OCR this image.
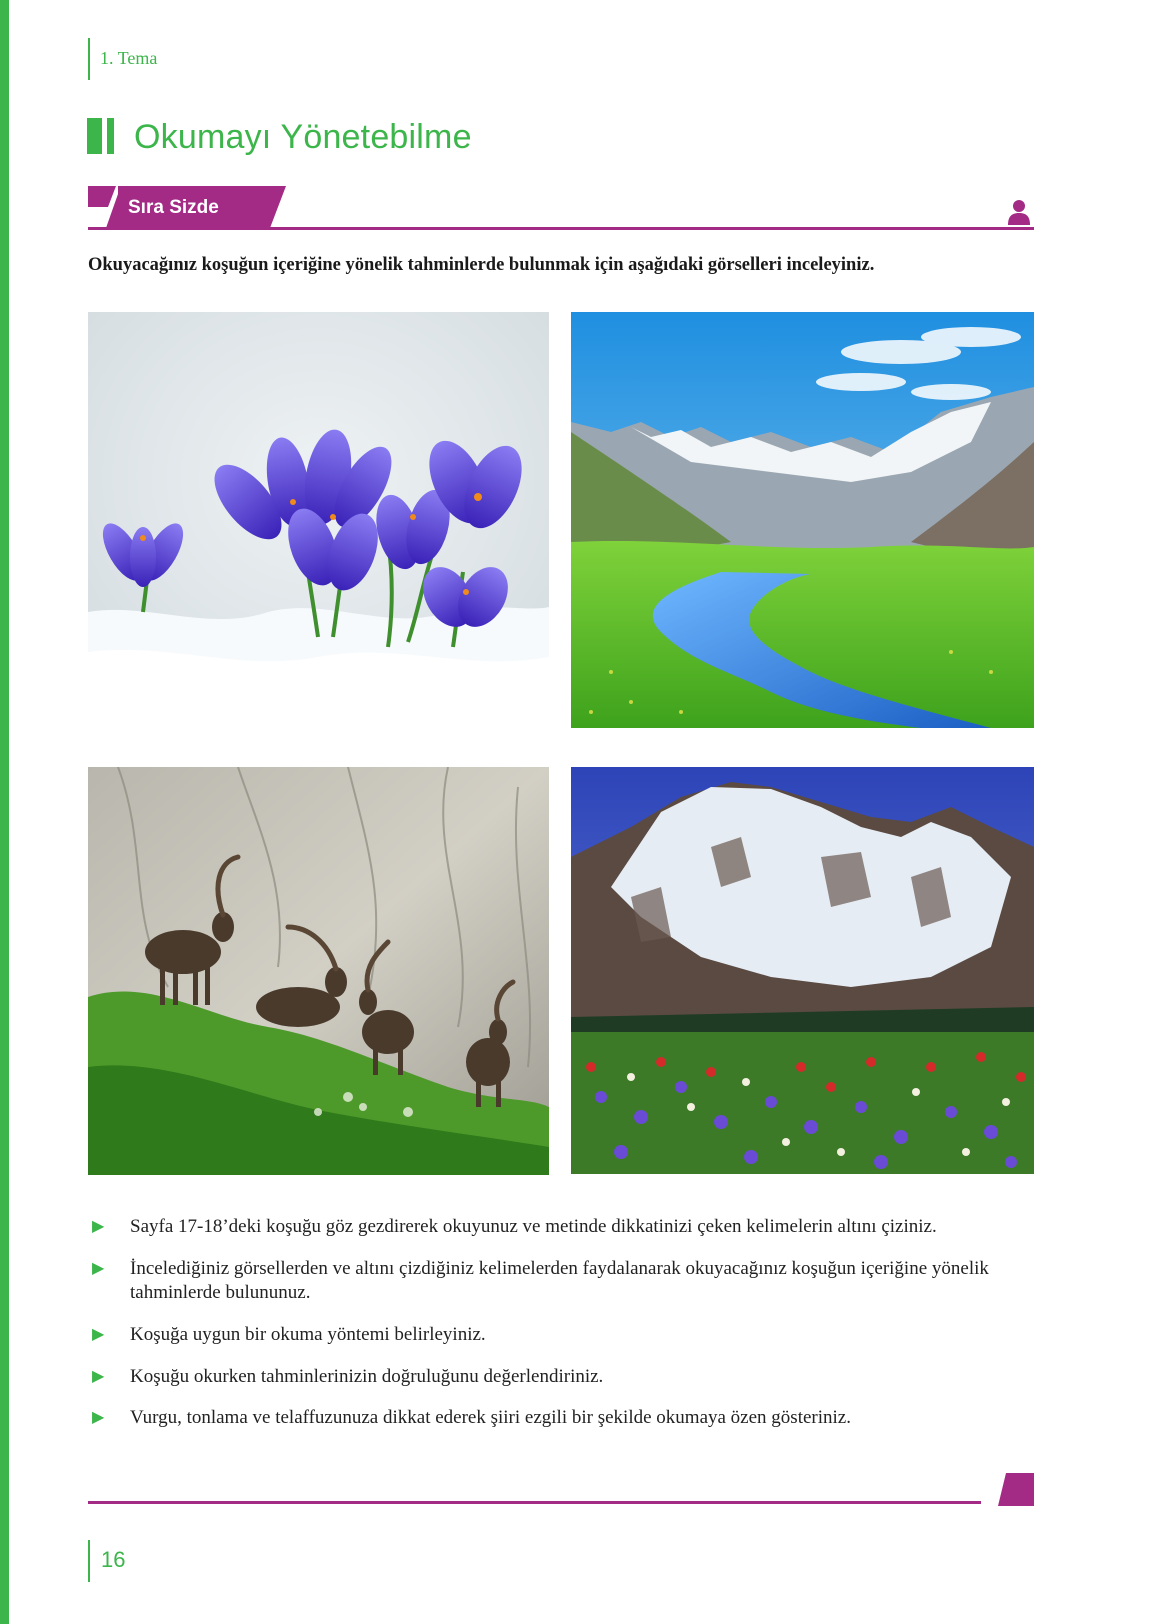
1. Tema
Okumayı Yönetebilme
Sıra Sizde
Okuyacağınız koşuğun içeriğine yönelik tahminlerde bulunmak için aşağıdaki görselleri inceleyiniz.
▶	Sayfa 17-18’deki koşuğu göz gezdirerek okuyunuz ve metinde dikkatinizi çeken kelimelerin altını çiziniz.
▶	İncelediğiniz görsellerden ve altını çizdiğiniz kelimelerden faydalanarak okuyacağınız koşuğun içeriğine yönelik tahminlerde bulununuz.
▶	Koşuğa uygun bir okuma yöntemi belirleyiniz.
▶	Koşuğu okurken tahminlerinizin doğruluğunu değerlendiriniz.
▶	Vurgu, tonlama ve telaffuzunuza dikkat ederek şiiri ezgili bir şekilde okumaya özen gösteriniz.
16
